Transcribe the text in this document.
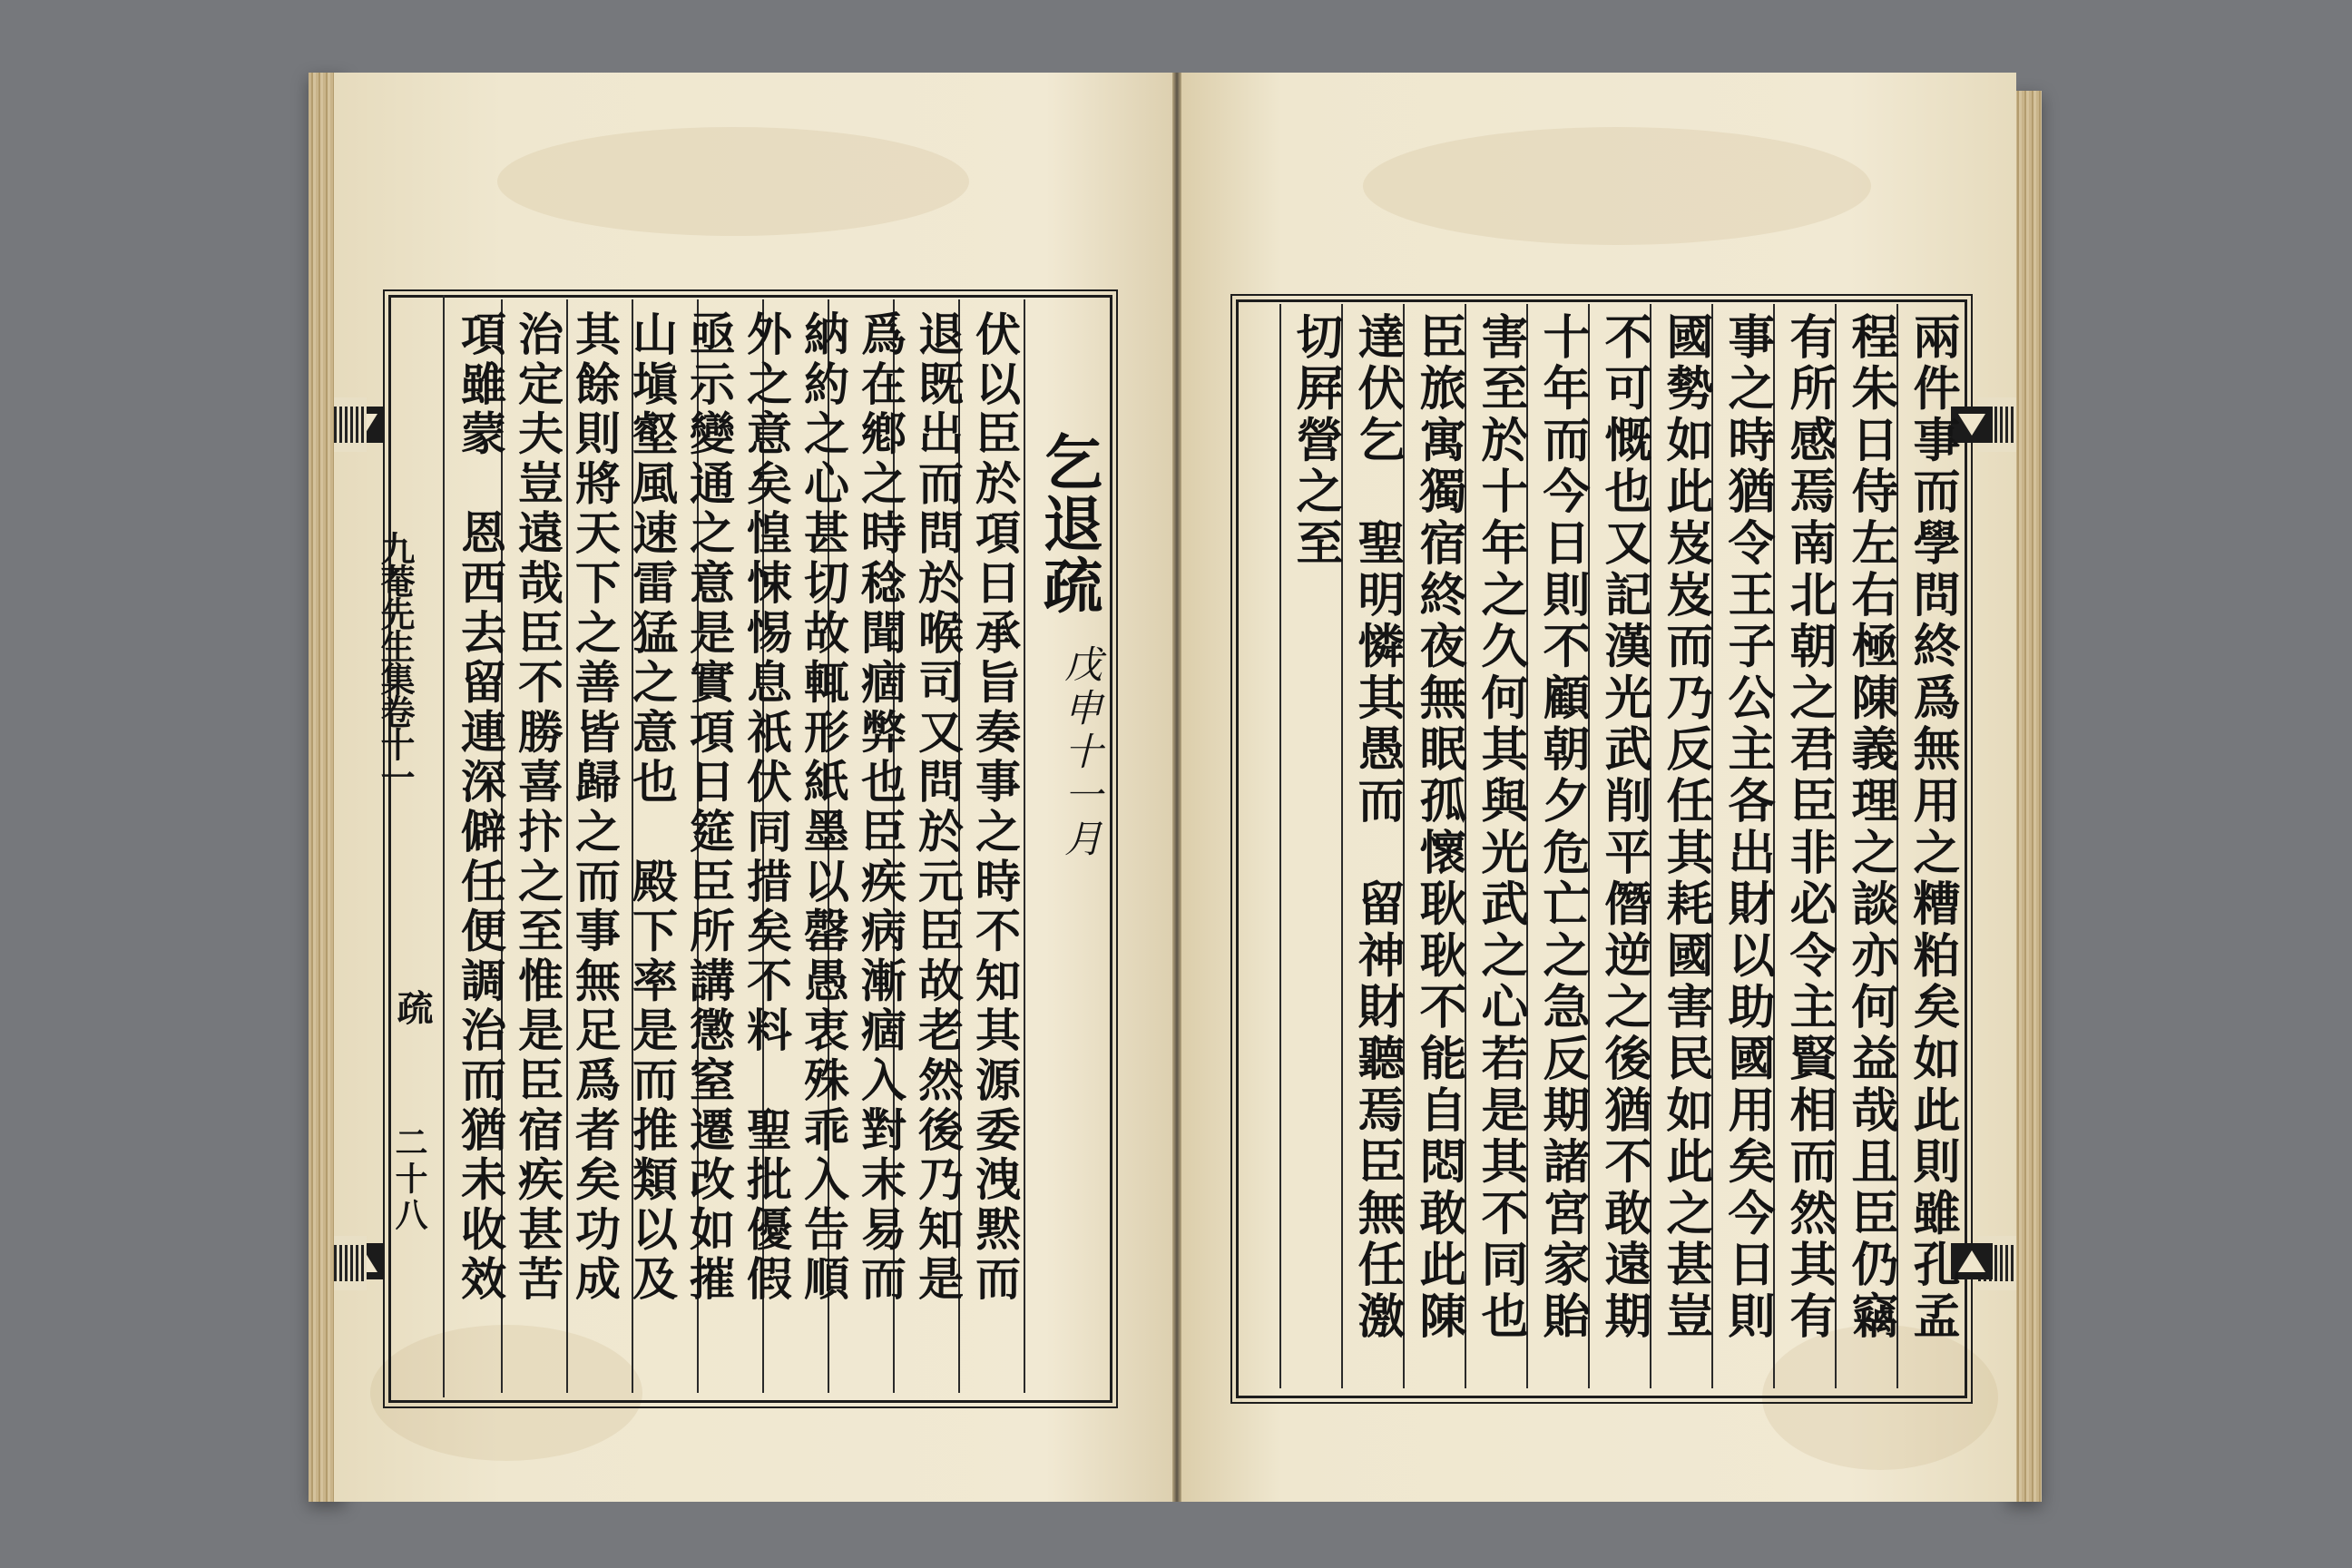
九菴先生集卷十一
疏
二十八
乞退疏
戊申十一月
伏以臣於項日承旨奏事之時不知其源委洩黙而
退既出而問於喉司又問於元臣故老然後乃知是
爲在鄕之時稔聞痼弊也臣疾病漸痼入對末易而
納約之心甚切故輒形紙墨以罄愚衷殊乖入告順
外之意矣惶悚惕息祇伏同措矣不料　聖批優假
亟示變通之意是實項日筵臣所講懲窒遷改如摧
山塡壑風速雷猛之意也　殿下率是而推類以及
其餘則將天下之善皆歸之而事無足爲者矣功成
治定夫豈遠哉臣不勝喜抃之至惟是臣宿疾甚苦
項雖蒙　恩西去留連深僻任便調治而猶未收效	兩件事而學問終爲無用之糟粕矣如此則雖孔孟
程朱日侍左右極陳義理之談亦何益哉且臣仍竊
有所感焉南北朝之君臣非必令主賢相而然其有
事之時猶令王子公主各出財以助國用矣今日則
國勢如此岌岌而乃反任其耗國害民如此之甚豈
不可慨也又記漢光武削平僭逆之後猶不敢遠期
十年而今日則不顧朝夕危亡之急反期諸宮家貽
害至於十年之久何其與光武之心若是其不同也
臣旅寓獨宿終夜無眠孤懷耿耿不能自悶敢此陳
達伏乞　聖明憐其愚而　留神財聽焉臣無任激
切屛營之至
